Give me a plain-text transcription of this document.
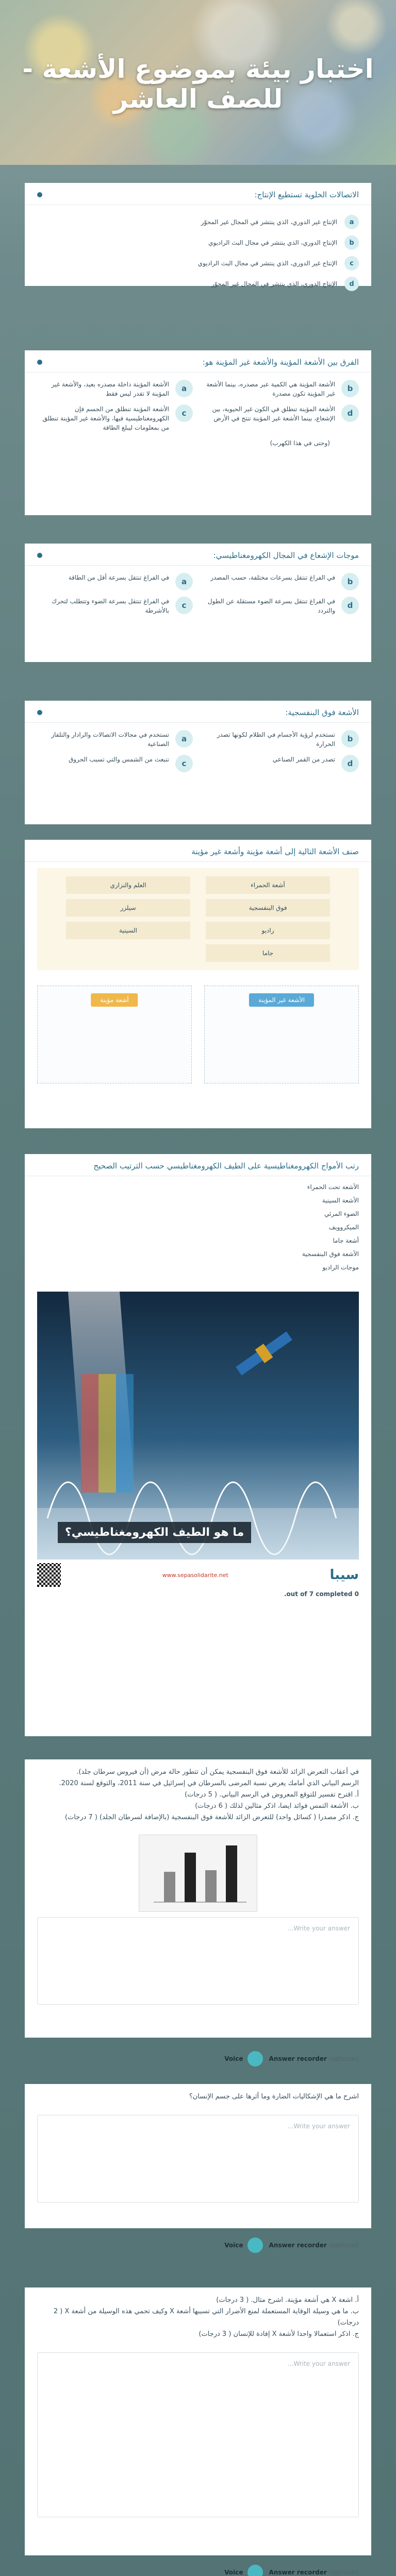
اختبار بيئة بموضوع الأشعة - للصف العاشر
الاتصالات الخلوية تستطيع الإنتاج:
a
الإنتاج غير الدوري، الذي ينتشر في المجال غير المحوّر
b
الإنتاج الدوري، الذي ينتشر في مجال البث الراديوي
c
الإنتاج غير الدوري، الذي ينتشر في مجال البث الراديوي
d
الإنتاج الدوري، الذي ينتشر في المجال غير المحوّر
الفرق بين الأشعة المؤينة والأشعة غير المؤينة هو:
b
الأشعة المؤينة هي الكمية عبر مصدره، بينما الأشعة غير المؤينة تكون مصدرة
a
الأشعة المؤينة داخلة مصدره بعيد، والأشعة غير المؤينة لا تقدر ليس فقط
d
الأشعة المؤينة تنطلق في الكون غير الحيوية، بين الإشعاع، بينما الأشعة غير المؤينة تنتج في الأرض
c
الأشعة المؤينة تنطلق من الجسم فإن الكهرومغناطيسية فيها، والأشعة غير المؤينة تنطلق من بمعلومات ليبلغ الطاقة
(وحتى في هذا الكهرب)
موجات الإشعاع في المجال الكهرومغناطيسي:
b
في الفراغ تنتقل بسرعات مختلفة، حسب المصدر
a
في الفراغ تنتقل بسرعة أقل من الطاقة
d
في الفراغ تنتقل بسرعة الضوء مستقلة عن الطول والتردد
c
في الفراغ تنتقل بسرعة الضوء وتتطلب لتحرك بالأشرطة
الأشعة فوق البنفسجية:
b
تستخدم لرؤية الأجسام في الظلام لكونها تصدر الحرارة
a
تستخدم في مجالات الاتصالات والرادار والتلفاز الصناعية
d
تصدر من القمر الصناعي
c
تنبعث من الشمس والتي تسبب الحروق
صنف الأشعة التالية إلى أشعة مؤينة وأشعة غير مؤينة
أشعة الحمراء
العلم والنزاري
فوق البنفسجية
سيلزر
راديو
السينية
جاما
الأشعة غير المؤينة
أشعة مؤينة
رتب الأمواج الكهرومغناطيسية على الطيف الكهرومغناطيسي حسب الترتيب الصحيح
الأشعة تحت الحمراء
الأشعة السينية
الضوء المرئي
الميكروويف
أشعة جاما
الأشعة فوق البنفسجية
موجات الراديو
ما هو الطيف الكهرومغناطيسي؟
سيبا
www.sepasolidarite.net
0 out of 7 completed.

في أعقاب التعرض الزائد للأشعة فوق البنفسجية يمكن أن تتطور حالة مرض (أن فيروس سرطان جلد).

الرسم البياني الذي أمامك يعرض نسبة المرضى بالسرطان في إسرائيل في سنة 2011، والتوقع لسنة 2020.

أ. اقترح تفسير للتوقع المعروض في الرسم البياني. ( 5 درجات)

ب. الأشعة التمس فوائد ايضا، اذكر مثالين لذلك ( 6 درجات)

ج. اذكر مصدرا ( كسائل واحد) للتعرض الزائد للأشعة فوق البنفسجية (بالإضافة لسرطان الجلد) ( 7 درجات)

Write your answer...
Answer recorder (optional)
Voice

اشرح ما هي الإشكاليات الضارة وما أثرها على جسم الإنسان؟

Write your answer...
Answer recorder (optional)
Voice

أ. اشعة X هي أشعة مؤينة. اشرح مثال. ( 3 درجات)

ب. ما هي وسيلة الوقاية المستعملة لمنع الأضرار التي تسببها أشعة X وكيف تحمي هذه الوسيلة من أشعة X ( 2 درجات)

ج. اذكر استعمالا واحدا لأشعة X إفادة للإنسان ( 3 درجات)

Write your answer...
Answer recorder (optional)
Voice
